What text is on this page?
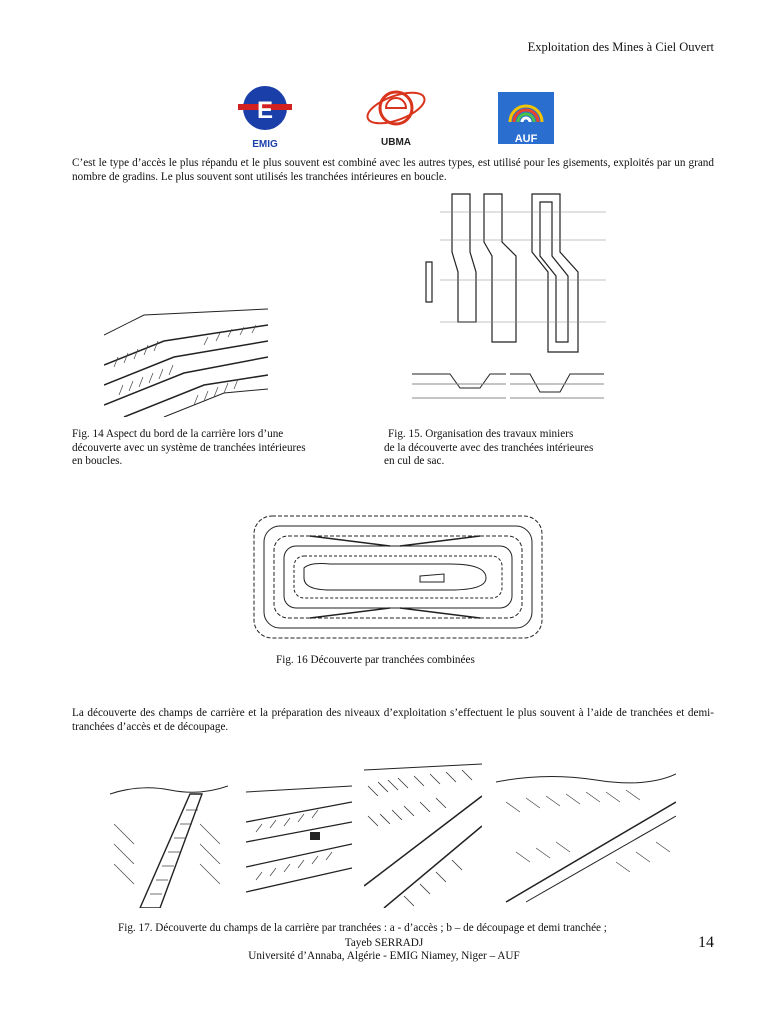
Exploitation des Mines à Ciel Ouvert
E
EMIG	UBMA	AUF
C’est le type d’accès le plus répandu et le plus souvent est combiné avec les autres types, est utilisé pour les gisements, exploités par un grand nombre de gradins. Le plus souvent sont utilisés les tranchées intérieures en boucle.
Fig. 14 Aspect du bord de la carrière lors d’une
découverte avec un système de tranchées intérieures
en boucles.
Fig. 15. Organisation des travaux miniers
de la découverte avec des tranchées intérieures
en cul de sac.
Fig. 16 Découverte par tranchées combinées
La découverte des champs de carrière et la préparation des niveaux d’exploitation s’effectuent le plus souvent à l’aide de tranchées et demi-tranchées d’accès et de découpage.
Fig. 17. Découverte du champs de la carrière par tranchées : a - d’accès ; b – de découpage et demi tranchée ;
Tayeb SERRADJ
Université d’Annaba, Algérie - EMIG Niamey, Niger – AUF
14
